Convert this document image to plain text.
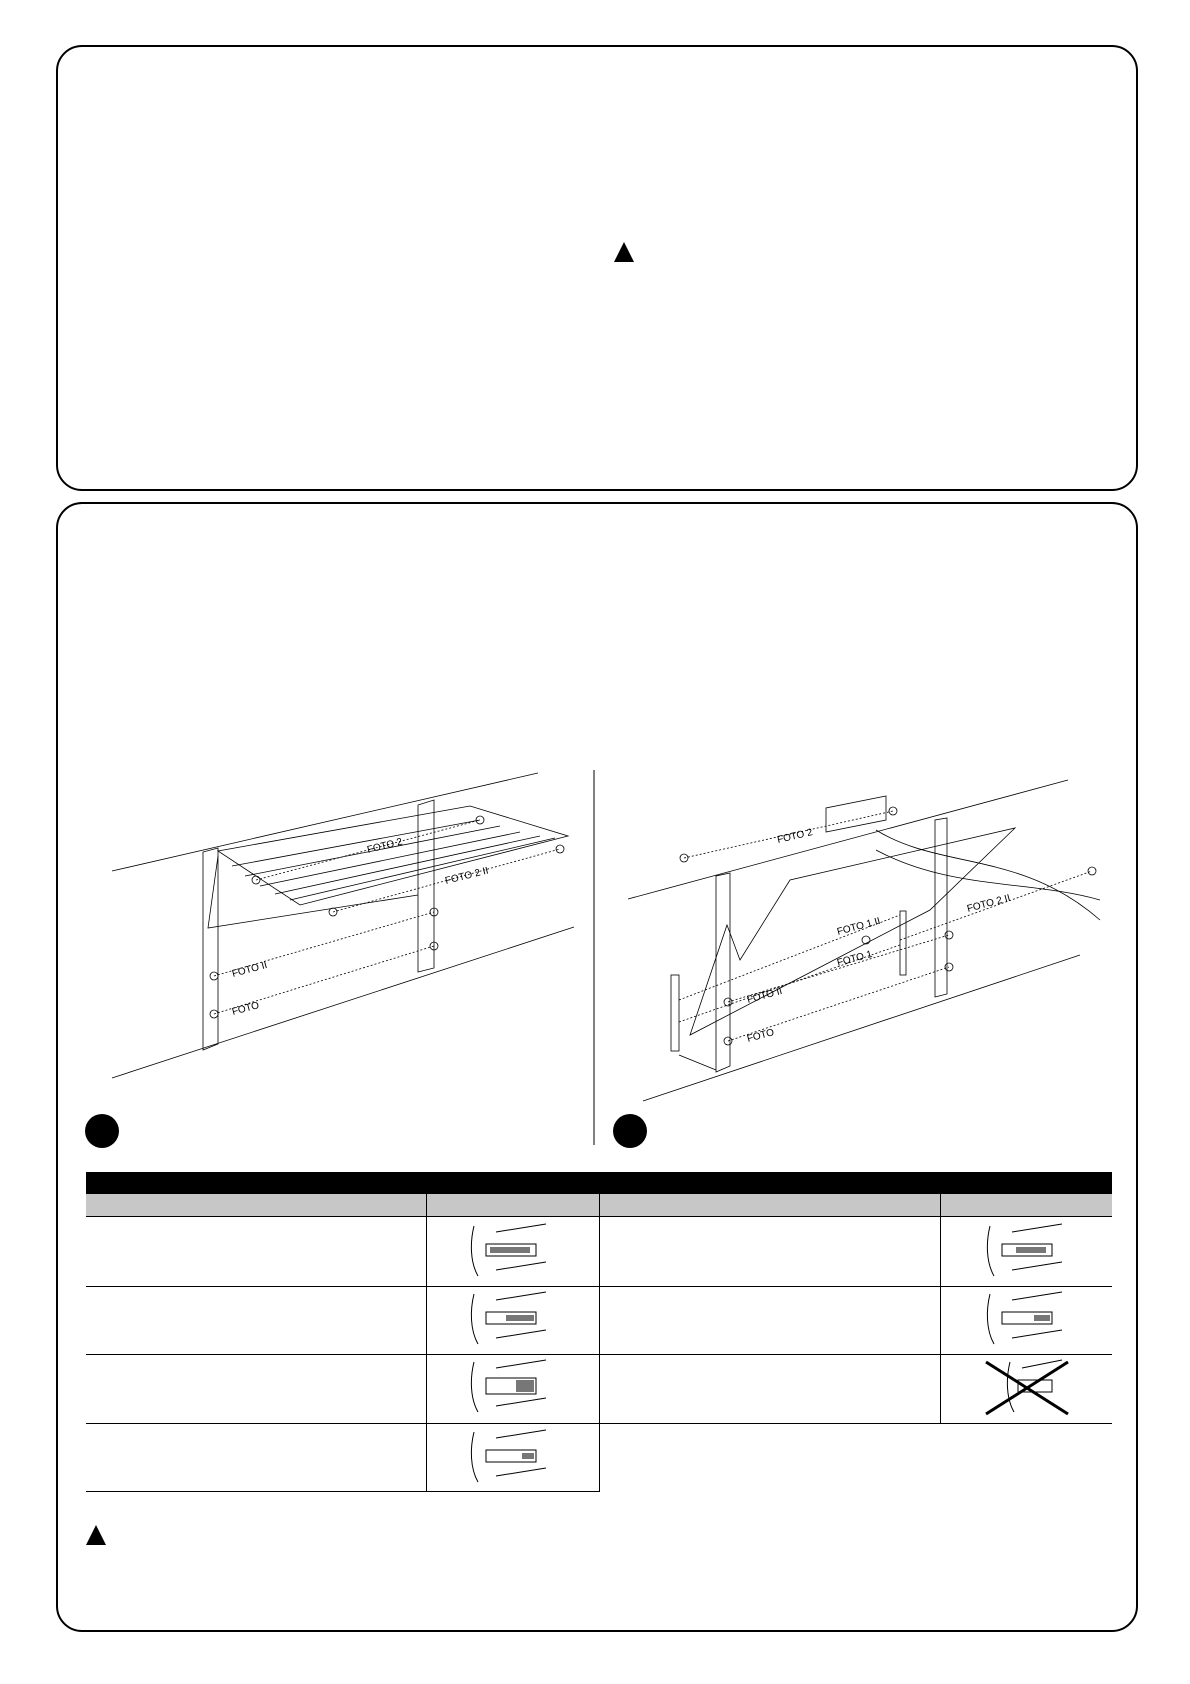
FOTO 2
FOTO 2 II
FOTO II
FOTO
FOTO 2
FOTO 2 II
FOTO 1 II
FOTO 1
FOTO II
FOTO
